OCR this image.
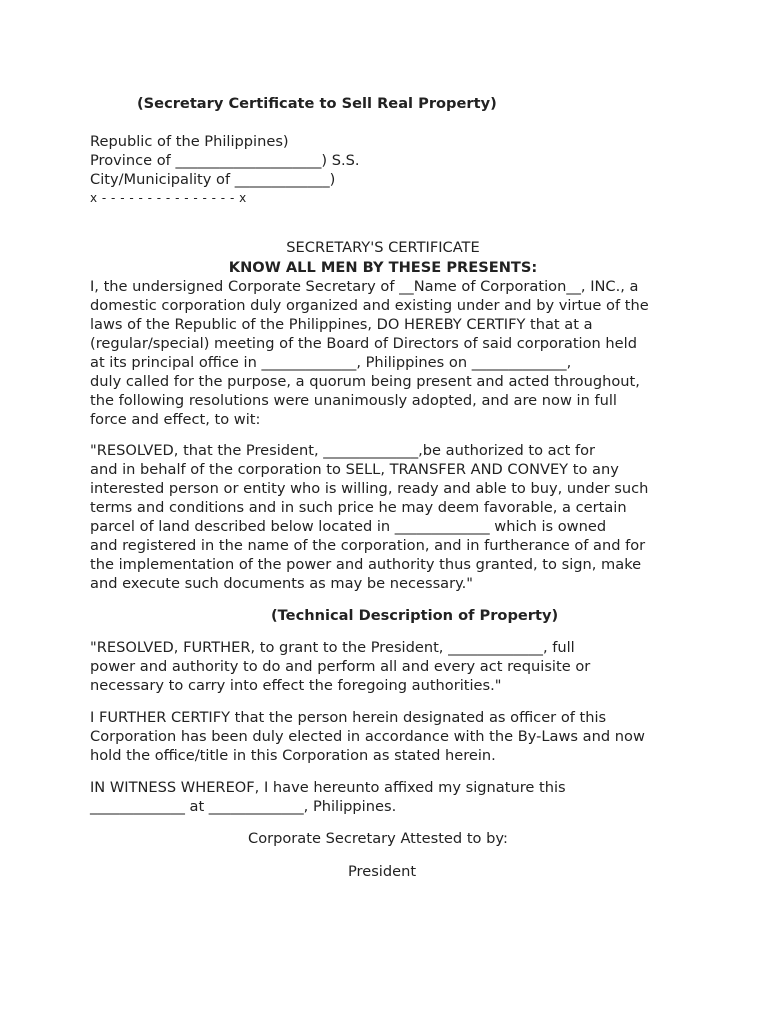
(Secretary Certificate to Sell Real Property)
Republic of the Philippines)
Province of ____________________) S.S.
City/Municipality of _____________)
x - - - - - - - - - - - - - - - x
SECRETARY'S CERTIFICATE
KNOW ALL MEN BY THESE PRESENTS:
I, the undersigned Corporate Secretary of __Name of Corporation__, INC., a
domestic corporation duly organized and existing under and by virtue of the
laws of the Republic of the Philippines, DO HEREBY CERTIFY that at a
(regular/special) meeting of the Board of Directors of said corporation held
at its principal office in _____________, Philippines on _____________,
duly called for the purpose, a quorum being present and acted throughout,
the following resolutions were unanimously adopted, and are now in full
force and effect, to wit:
"RESOLVED, that the President, _____________,be authorized to act for
and in behalf of the corporation to SELL, TRANSFER AND CONVEY to any
interested person or entity who is willing, ready and able to buy, under such
terms and conditions and in such price he may deem favorable, a certain
parcel of land described below located in _____________ which is owned
and registered in the name of the corporation, and in furtherance of and for
the implementation of the power and authority thus granted, to sign, make
and execute such documents as may be necessary."
(Technical Description of Property)
"RESOLVED, FURTHER, to grant to the President, _____________, full
power and authority to do and perform all and every act requisite or
necessary to carry into effect the foregoing authorities."
I FURTHER CERTIFY that the person herein designated as officer of this
Corporation has been duly elected in accordance with the By-Laws and now
hold the office/title in this Corporation as stated herein.
IN WITNESS WHEREOF, I have hereunto affixed my signature this
_____________ at _____________, Philippines.
Corporate Secretary Attested to by:
President
